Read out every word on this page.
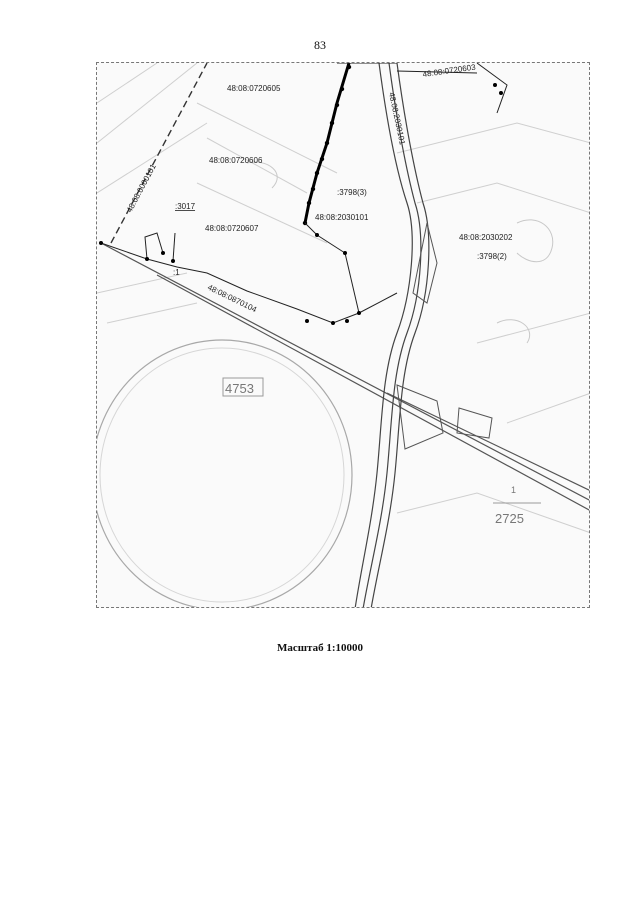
83
48:08:0720605
48:08:0720606
48:08:0720607
48:08:0720603
48:08:2030101
48:08:2030202
48:08:0000101
48:08:0870104
48:08:2030101
:3798(3)
:3798(2)
:3017
:1
4753
2725
1
Масштаб 1:10000
